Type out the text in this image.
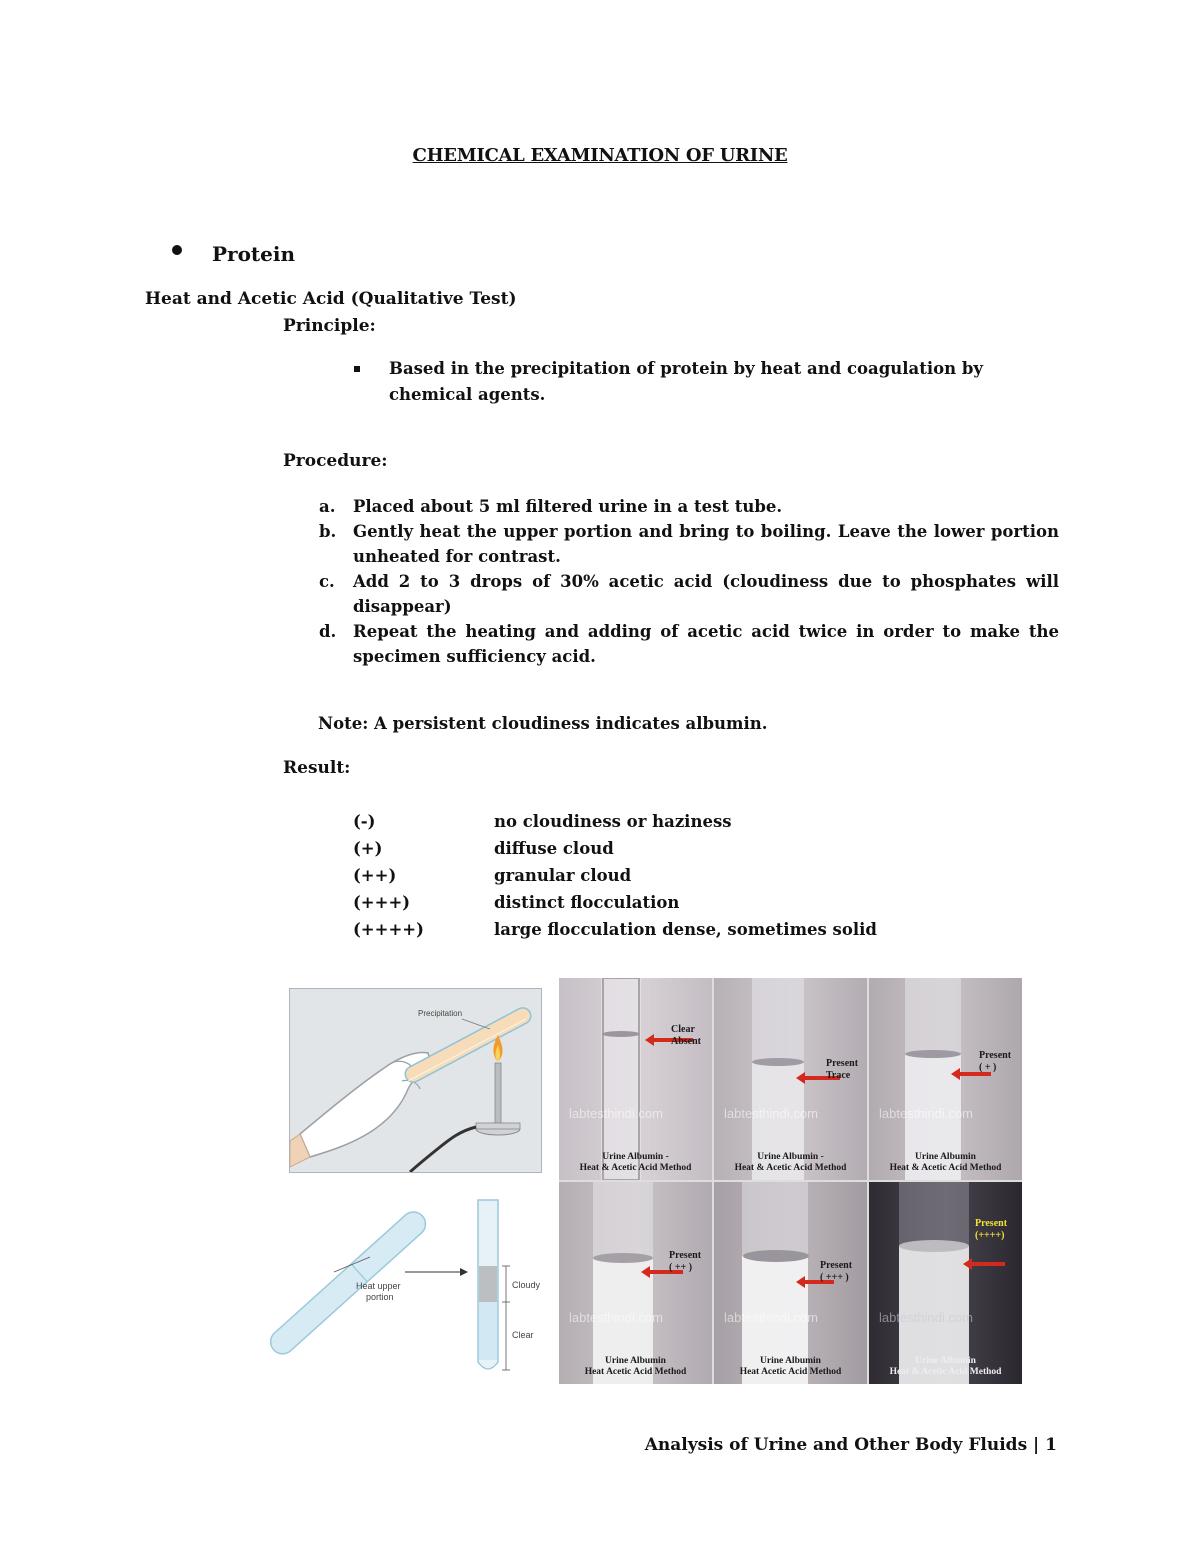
CHEMICAL EXAMINATION OF URINE
Protein
Heat and Acetic Acid (Qualitative Test)
Principle:
Based in the precipitation of protein by heat and coagulation by chemical agents.
Procedure:
a. Placed about 5 ml filtered urine in a test tube.
b. Gently heat the upper portion and bring to boiling. Leave the lower portion unheated for contrast.
c. Add 2 to 3 drops of 30% acetic acid (cloudiness due to phosphates will disappear)
d. Repeat the heating and adding of acetic acid twice in order to make the specimen sufficiency acid.
Note: A persistent cloudiness indicates albumin.
Result:
(-)	no cloudiness or haziness
(+)	diffuse cloud
(++)	granular cloud
(+++)	distinct flocculation
(++++)	large flocculation dense, sometimes solid
Precipitation
Heat upper
portion
Cloudy
Clear
Clear
Absent
labtesthindi.com
Urine Albumin -
Heat & Acetic Acid Method
Present
Trace
labtesthindi.com
Urine Albumin -
Heat & Acetic Acid Method
Present
( + )
labtesthindi.com
Urine Albumin
Heat & Acetic Acid Method
Present
( ++ )
labtesthindi.com
Urine Albumin
Heat Acetic Acid Method
Present
( +++ )
labtesthindi.com
Urine Albumin
Heat Acetic Acid Method
Present
(++++)
labtesthindi.com
Urine Albumin
Heat & Acetic Acid Method
Analysis of Urine and Other Body Fluids | 1
